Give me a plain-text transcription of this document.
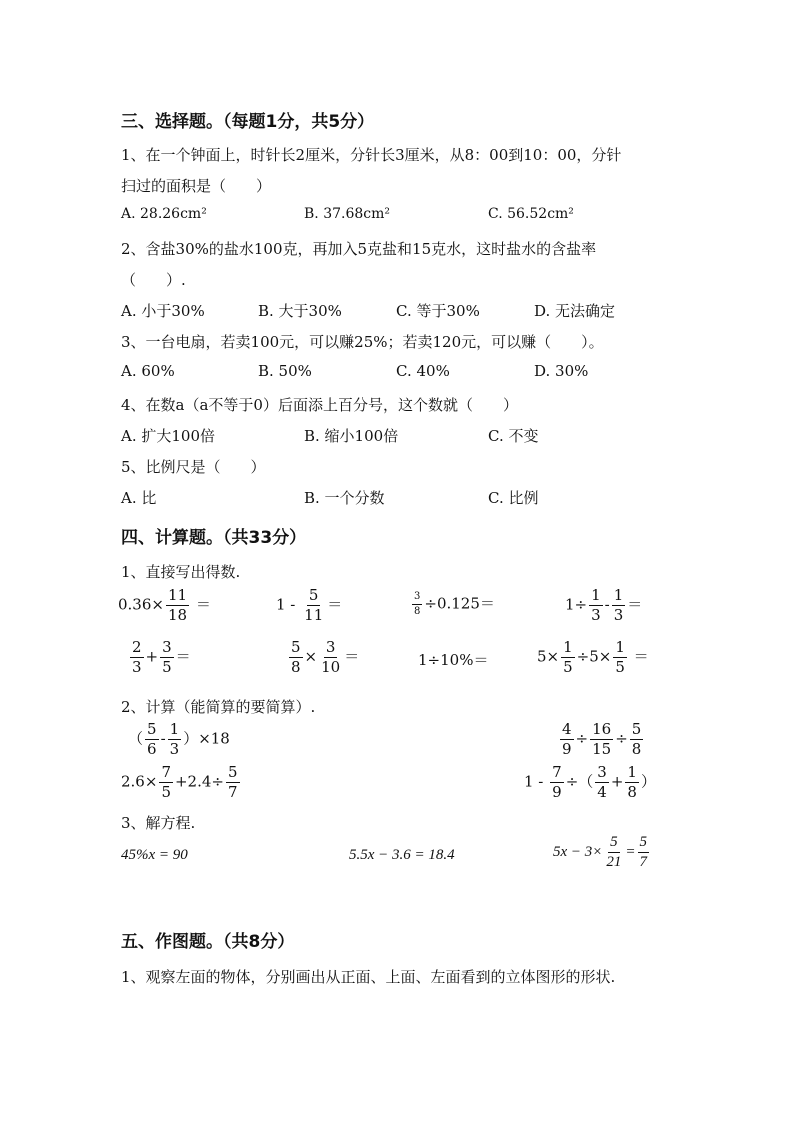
三、选择题。（每题1分，共5分）
1、在一个钟面上，时针长2厘米，分针长3厘米，从8：00到10：00，分针
扫过的面积是（　　）
A. 28.26cm²	B. 37.68cm²	C. 56.52cm²
2、含盐30%的盐水100克，再加入5克盐和15克水，这时盐水的含盐率
（　　）.
A. 小于30%	B. 大于30%	C. 等于30%	D. 无法确定
3、一台电扇，若卖100元，可以赚25%；若卖120元，可以赚（　　）。
A. 60%	B. 50%	C. 40%	D. 30%
4、在数a（a不等于0）后面添上百分号，这个数就（　　）
A. 扩大100倍	B. 缩小100倍	C. 不变
5、比例尺是（　　）
A. 比	B. 一个分数	C. 比例
四、计算题。（共33分）
1、直接写出得数.
$0.36\times \frac{11}{18}$ ＝	$1 - \frac{5}{11}$ ＝	$\frac{3}{8} \div 0.125=$	$1\div \frac{1}{3} - \frac{1}{3}$ ＝
$\frac{2}{3} + \frac{3}{5}$ ＝	$\frac{5}{8} \times \frac{3}{10}$ ＝	1÷10%＝	$5\times \frac{1}{5} \div 5\times \frac{1}{5}$ ＝
2、计算（能简算的要简算）.
（ $\frac{5}{6} - \frac{1}{3} )\times 18$	$\frac{4}{9} \div \frac{16}{15} \div \frac{5}{8}$
$2.6\times \frac{7}{5} +2.4\div \frac{5}{7}$	$1 - \frac{7}{9}$ ÷（ $\frac{3}{4} + \frac{1}{8}$ ）
3、解方程.
45%x = 90	5.5x − 3.6 = 18.4	$5x - 3\times \frac{5}{21} = \frac{5}{7}$
五、作图题。（共8分）
1、观察左面的物体，分别画出从正面、上面、左面看到的立体图形的形状.
